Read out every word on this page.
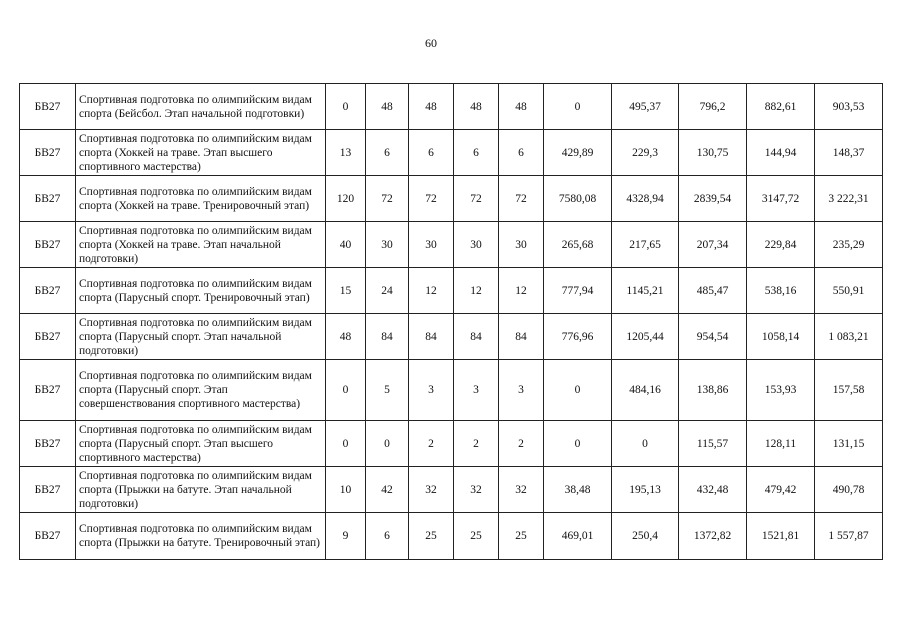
60
БВ27	Спортивная подготовка по олимпийским видам спорта (Бейсбол. Этап начальной подготовки)	0	48	48	48	48	0	495,37	796,2	882,61	903,53
БВ27	Спортивная подготовка по олимпийским видам спорта (Хоккей на траве. Этап высшего спортивного мастерства)	13	6	6	6	6	429,89	229,3	130,75	144,94	148,37
БВ27	Спортивная подготовка по олимпийским видам спорта (Хоккей на траве. Тренировочный этап)	120	72	72	72	72	7580,08	4328,94	2839,54	3147,72	3 222,31
БВ27	Спортивная подготовка по олимпийским видам спорта (Хоккей на траве. Этап начальной подготовки)	40	30	30	30	30	265,68	217,65	207,34	229,84	235,29
БВ27	Спортивная подготовка по олимпийским видам спорта (Парусный спорт. Тренировочный этап)	15	24	12	12	12	777,94	1145,21	485,47	538,16	550,91
БВ27	Спортивная подготовка по олимпийским видам спорта (Парусный спорт. Этап начальной подготовки)	48	84	84	84	84	776,96	1205,44	954,54	1058,14	1 083,21
БВ27	Спортивная подготовка по олимпийским видам спорта (Парусный спорт. Этап совершенствования спортивного мастерства)	0	5	3	3	3	0	484,16	138,86	153,93	157,58
БВ27	Спортивная подготовка по олимпийским видам спорта (Парусный спорт. Этап высшего спортивного мастерства)	0	0	2	2	2	0	0	115,57	128,11	131,15
БВ27	Спортивная подготовка по олимпийским видам спорта (Прыжки на батуте. Этап начальной подготовки)	10	42	32	32	32	38,48	195,13	432,48	479,42	490,78
БВ27	Спортивная подготовка по олимпийским видам спорта (Прыжки на батуте. Тренировочный этап)	9	6	25	25	25	469,01	250,4	1372,82	1521,81	1 557,87
